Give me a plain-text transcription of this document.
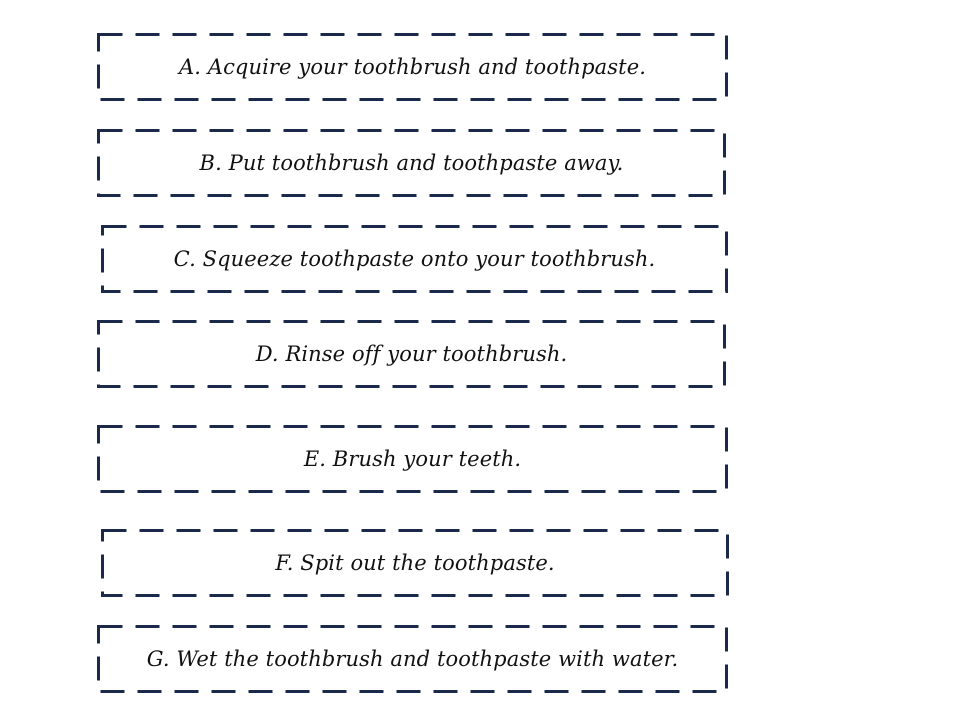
A. Acquire your toothbrush and toothpaste.
B. Put toothbrush and toothpaste away.
C. Squeeze toothpaste onto your toothbrush.
D. Rinse off your toothbrush.
E. Brush your teeth.
F. Spit out the toothpaste.
G. Wet the toothbrush and toothpaste with water.
